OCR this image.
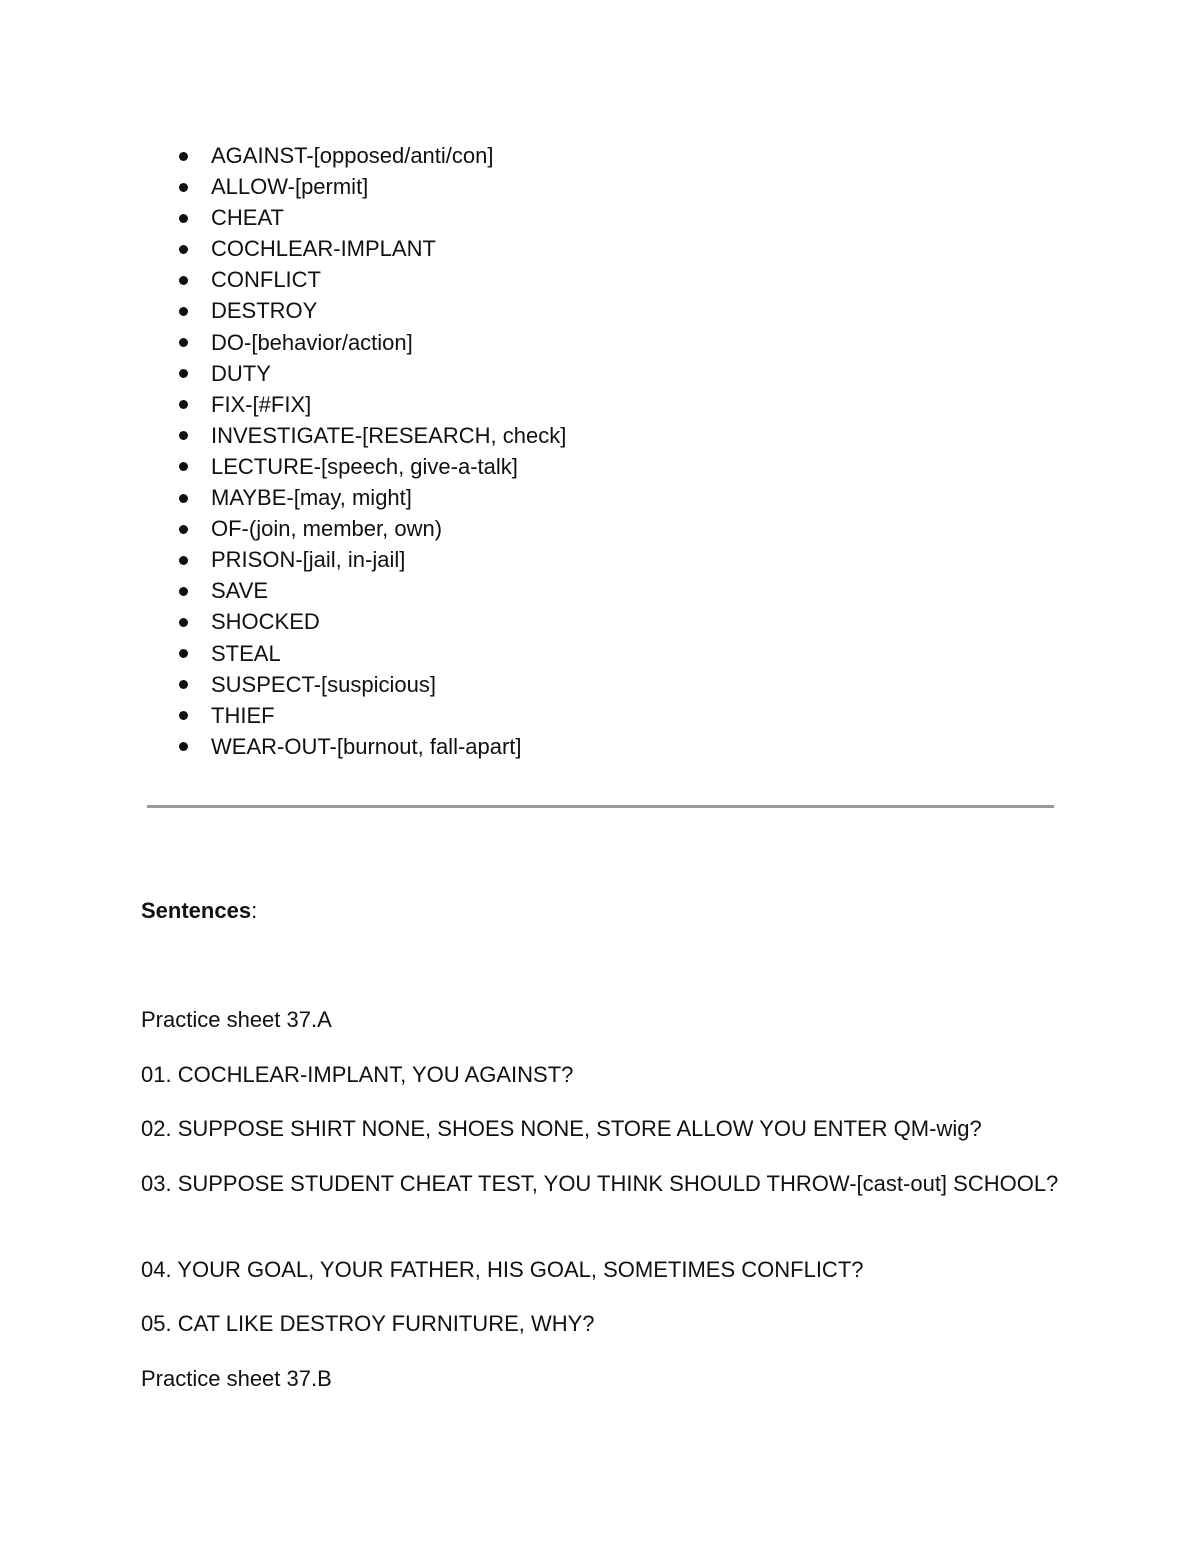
AGAINST-[opposed/anti/con]
ALLOW-[permit]
CHEAT
COCHLEAR-IMPLANT
CONFLICT
DESTROY
DO-[behavior/action]
DUTY
FIX-[#FIX]
INVESTIGATE-[RESEARCH, check]
LECTURE-[speech, give-a-talk]
MAYBE-[may, might]
OF-(join, member, own)
PRISON-[jail, in-jail]
SAVE
SHOCKED
STEAL
SUSPECT-[suspicious]
THIEF
WEAR-OUT-[burnout, fall-apart]
Sentences:
Practice sheet 37.A
01. COCHLEAR-IMPLANT, YOU AGAINST?
02. SUPPOSE SHIRT NONE, SHOES NONE, STORE ALLOW YOU ENTER QM-wig?
03. SUPPOSE STUDENT CHEAT TEST, YOU THINK SHOULD THROW-[cast-out] SCHOOL?
04. YOUR GOAL, YOUR FATHER, HIS GOAL, SOMETIMES CONFLICT?
05. CAT LIKE DESTROY FURNITURE, WHY?
Practice sheet 37.B
